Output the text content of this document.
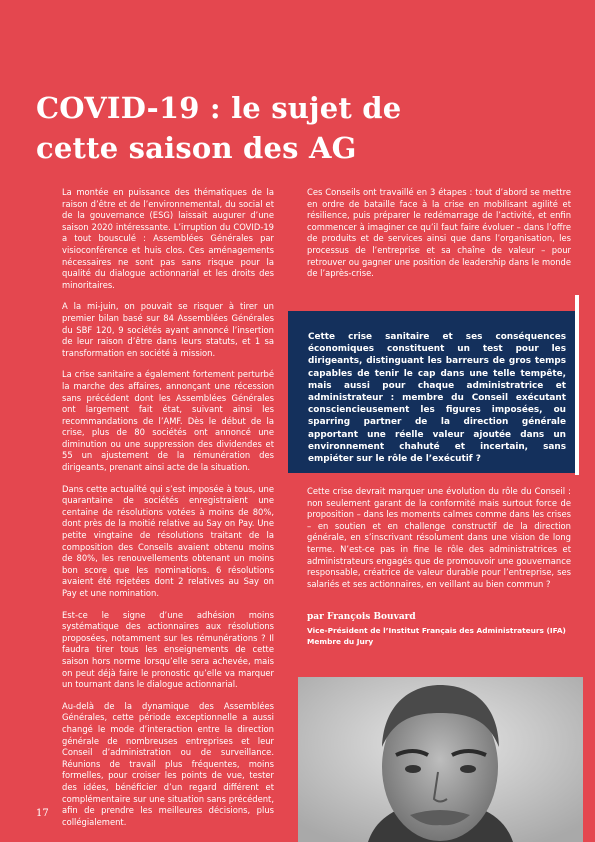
COVID-19 : le sujet de
cette saison des AG

La montée en puissance des thématiques de la raison d’être et de l’environnemental, du social et de la gouvernance (ESG) laissait augurer d’une saison 2020 intéressante. L’irruption du COVID-19 a tout bousculé : Assemblées Générales par visioconférence et huis clos. Ces aménagements nécessaires ne sont pas sans risque pour la qualité du dialogue actionnarial et les droits des minoritaires.

A la mi-juin, on pouvait se risquer à tirer un premier bilan basé sur 84 Assemblées Générales du SBF 120, 9 sociétés ayant annoncé l’insertion de leur raison d’être dans leurs statuts, et 1 sa transformation en société à mission.

La crise sanitaire a également fortement perturbé la marche des affaires, annonçant une récession sans précédent dont les Assemblées Générales ont largement fait état, suivant ainsi les recommandations de l’AMF. Dès le début de la crise, plus de 80 sociétés ont annoncé une diminution ou une suppression des dividendes et 55 un ajustement de la rémunération des dirigeants, prenant ainsi acte de la situation.

Dans cette actualité qui s’est imposée à tous, une quarantaine de sociétés enregistraient une centaine de résolutions votées à moins de 80%, dont près de la moitié relative au Say on Pay. Une petite vingtaine de résolutions traitant de la composition des Conseils avaient obtenu moins de 80%, les renouvellements obtenant un moins bon score que les nominations. 6 résolutions avaient été rejetées dont 2 relatives au Say on Pay et une nomination.

Est-ce le signe d’une adhésion moins systématique des actionnaires aux résolutions proposées, notamment sur les rémunérations ? Il faudra tirer tous les enseignements de cette saison hors norme lorsqu’elle sera achevée, mais on peut déjà faire le pronostic qu’elle va marquer un tournant dans le dialogue actionnarial.

Au-delà de la dynamique des Assemblées Générales, cette période exceptionnelle a aussi changé le mode d’interaction entre la direction générale de nombreuses entreprises et leur Conseil d’administration ou de surveillance. Réunions de travail plus fréquentes, moins formelles, pour croiser les points de vue, tester des idées, bénéficier d’un regard différent et complémentaire sur une situation sans précédent, afin de prendre les meilleures décisions, plus collégialement.

Ces Conseils ont travaillé en 3 étapes : tout d’abord se mettre en ordre de bataille face à la crise en mobilisant agilité et résilience, puis préparer le redémarrage de l’activité, et enfin commencer à imaginer ce qu’il faut faire évoluer – dans l’offre de produits et de services ainsi que dans l’organisation, les processus de l’entreprise et sa chaîne de valeur – pour retrouver ou gagner une position de leadership dans le monde de l’après-crise.

Cette crise sanitaire et ses conséquences économiques constituent un test pour les dirigeants, distinguant les barreurs de gros temps capables de tenir le cap dans une telle tempête, mais aussi pour chaque administratrice et administrateur : membre du Conseil exécutant consciencieusement les figures imposées, ou sparring partner de la direction générale apportant une réelle valeur ajoutée dans un environnement chahuté et incertain, sans empiéter sur le rôle de l’exécutif ?

Cette crise devrait marquer une évolution du rôle du Conseil : non seulement garant de la conformité mais surtout force de proposition – dans les moments calmes comme dans les crises – en soutien et en challenge constructif de la direction générale, en s’inscrivant résolument dans une vision de long terme. N’est-ce pas in fine le rôle des administratrices et administrateurs engagés que de promouvoir une gouvernance responsable, créatrice de valeur durable pour l’entreprise, ses salariés et ses actionnaires, en veillant au bien commun ?

par François Bouvard
Vice-Président de l’Institut Français des Administrateurs (IFA)
Membre du Jury
17
